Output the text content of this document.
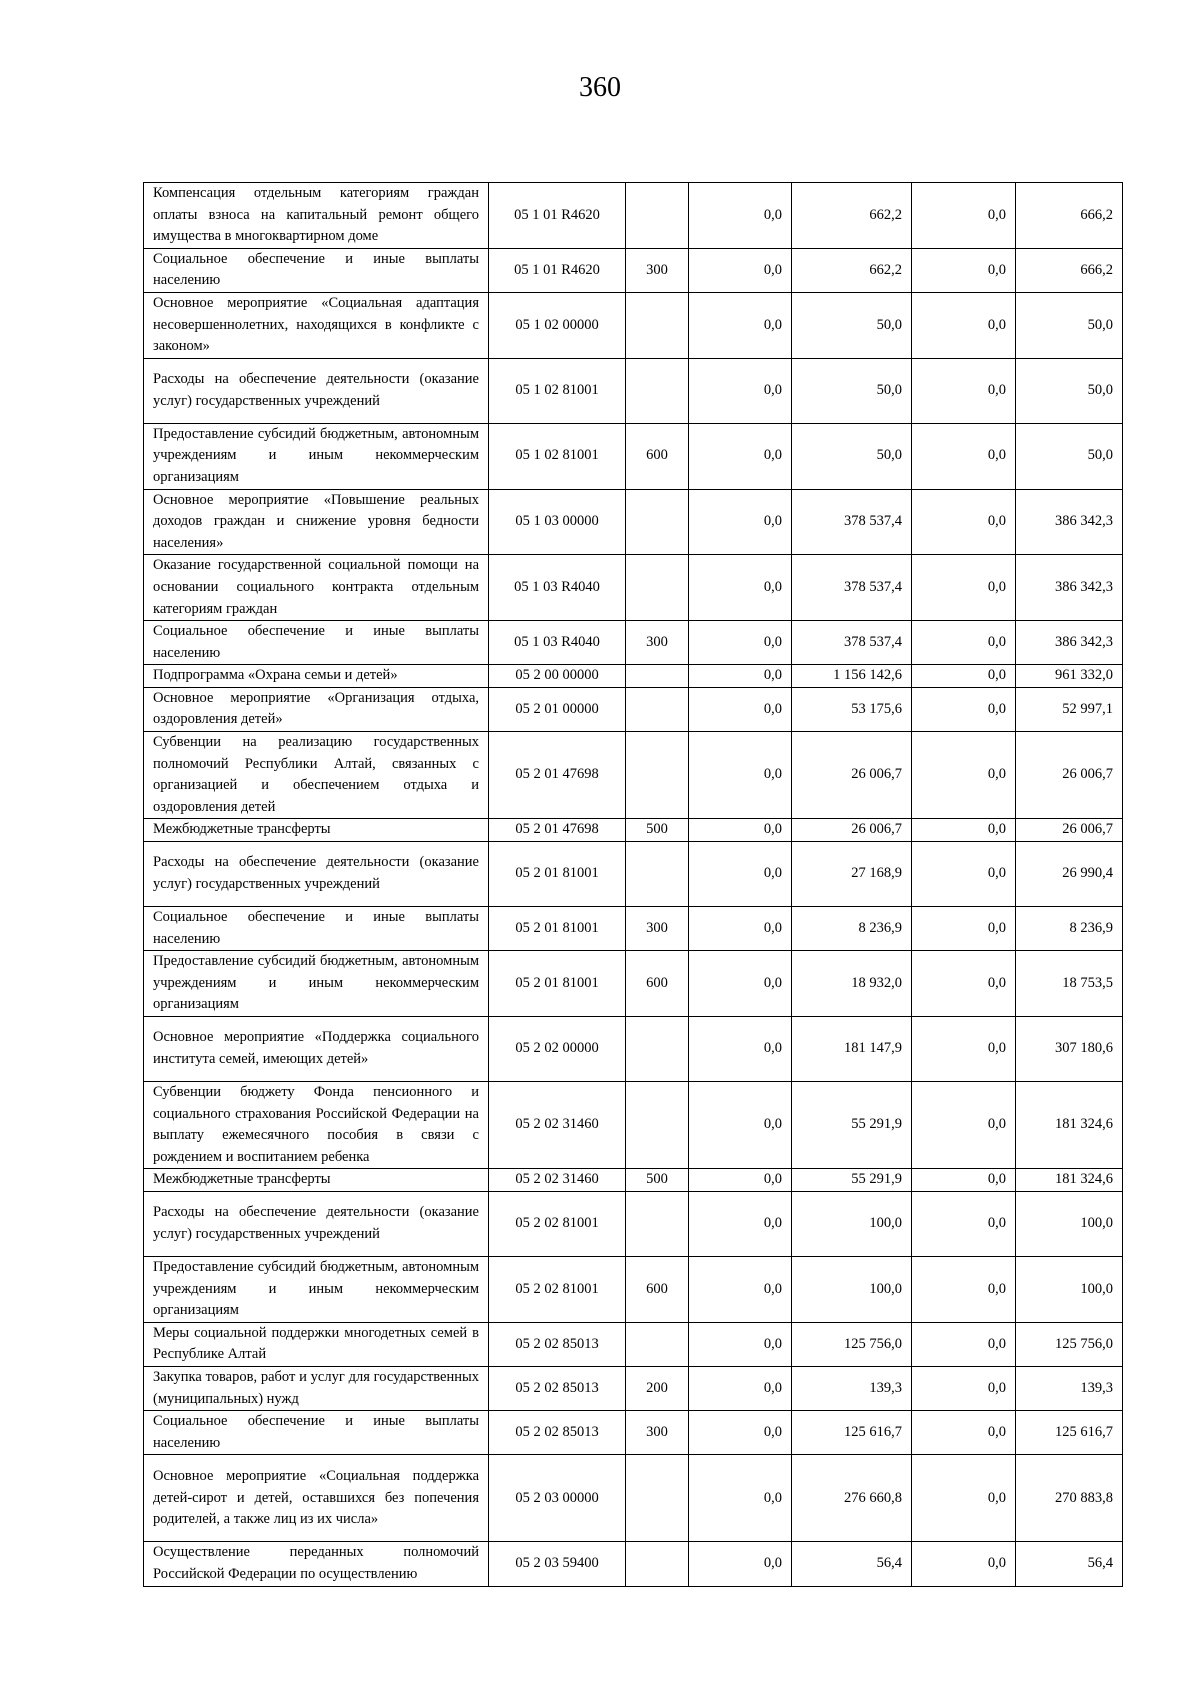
360
Компенсация отдельным категориям граждан оплаты взноса на капитальный ремонт общего имущества в многоквартирном доме	05 1 01 R4620		0,0	662,2	0,0	666,2
Социальное обеспечение и иные выплаты населению	05 1 01 R4620	300	0,0	662,2	0,0	666,2
Основное мероприятие «Социальная адаптация несовершеннолетних, находящихся в конфликте с законом»	05 1 02 00000		0,0	50,0	0,0	50,0
Расходы на обеспечение деятельности (оказание услуг) государственных учреждений	05 1 02 81001		0,0	50,0	0,0	50,0
Предоставление субсидий бюджетным, автономным учреждениям и иным некоммерческим организациям	05 1 02 81001	600	0,0	50,0	0,0	50,0
Основное мероприятие «Повышение реальных доходов граждан и снижение уровня бедности населения»	05 1 03 00000		0,0	378 537,4	0,0	386 342,3
Оказание государственной социальной помощи на основании социального контракта отдельным категориям граждан	05 1 03 R4040		0,0	378 537,4	0,0	386 342,3
Социальное обеспечение и иные выплаты населению	05 1 03 R4040	300	0,0	378 537,4	0,0	386 342,3
Подпрограмма «Охрана семьи и детей»	05 2 00 00000		0,0	1 156 142,6	0,0	961 332,0
Основное мероприятие «Организация отдыха, оздоровления детей»	05 2 01 00000		0,0	53 175,6	0,0	52 997,1
Субвенции на реализацию государственных полномочий Республики Алтай, связанных с организацией и обеспечением отдыха и оздоровления детей	05 2 01 47698		0,0	26 006,7	0,0	26 006,7
Межбюджетные трансферты	05 2 01 47698	500	0,0	26 006,7	0,0	26 006,7
Расходы на обеспечение деятельности (оказание услуг) государственных учреждений	05 2 01 81001		0,0	27 168,9	0,0	26 990,4
Социальное обеспечение и иные выплаты населению	05 2 01 81001	300	0,0	8 236,9	0,0	8 236,9
Предоставление субсидий бюджетным, автономным учреждениям и иным некоммерческим организациям	05 2 01 81001	600	0,0	18 932,0	0,0	18 753,5
Основное мероприятие «Поддержка социального института семей, имеющих детей»	05 2 02 00000		0,0	181 147,9	0,0	307 180,6
Субвенции бюджету Фонда пенсионного и социального страхования Российской Федерации на выплату ежемесячного пособия в связи с рождением и воспитанием ребенка	05 2 02 31460		0,0	55 291,9	0,0	181 324,6
Межбюджетные трансферты	05 2 02 31460	500	0,0	55 291,9	0,0	181 324,6
Расходы на обеспечение деятельности (оказание услуг) государственных учреждений	05 2 02 81001		0,0	100,0	0,0	100,0
Предоставление субсидий бюджетным, автономным учреждениям и иным некоммерческим организациям	05 2 02 81001	600	0,0	100,0	0,0	100,0
Меры социальной поддержки многодетных семей в Республике Алтай	05 2 02 85013		0,0	125 756,0	0,0	125 756,0
Закупка товаров, работ и услуг для государственных (муниципальных) нужд	05 2 02 85013	200	0,0	139,3	0,0	139,3
Социальное обеспечение и иные выплаты населению	05 2 02 85013	300	0,0	125 616,7	0,0	125 616,7
Основное мероприятие «Социальная поддержка детей-сирот и детей, оставшихся без попечения родителей, а также лиц из их числа»	05 2 03 00000		0,0	276 660,8	0,0	270 883,8
Осуществление переданных полномочий Российской Федерации по осуществлению	05 2 03 59400		0,0	56,4	0,0	56,4
